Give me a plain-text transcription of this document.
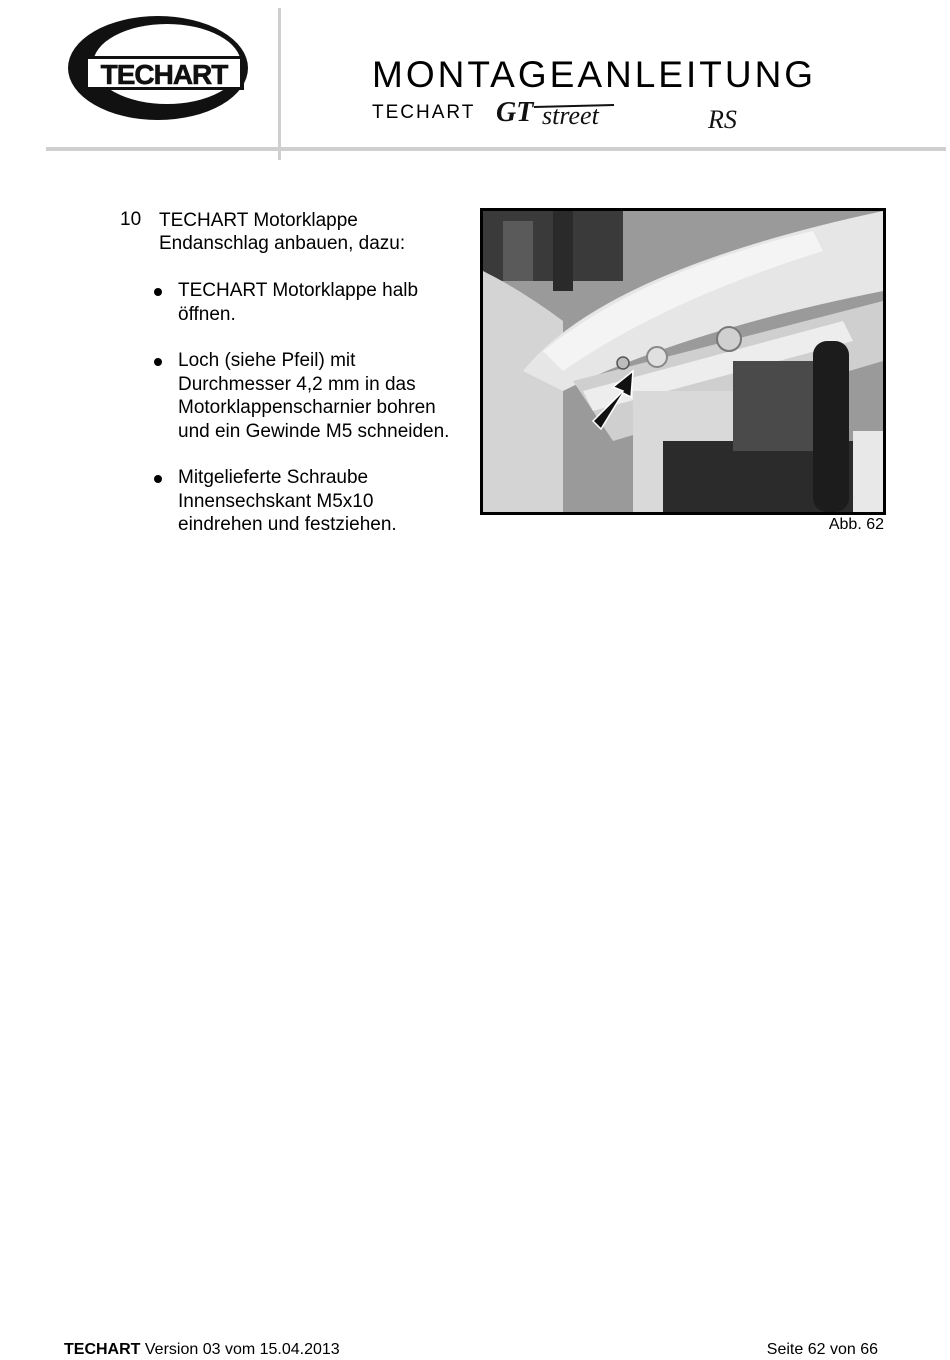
TECHART	MONTAGEANLEITUNG
TECHART GT street	RS
10 TECHART Motorklappe
Endanschlag anbauen, dazu:
TECHART Motorklappe halb
öffnen.
Loch (siehe Pfeil) mit
Durchmesser 4,2 mm in das
Motorklappenscharnier bohren
und ein Gewinde M5 schneiden.
Mitgelieferte Schraube
Innensechskant M5x10
eindrehen und festziehen.	Abb. 62
TECHART Version 03 vom 15.04.2013	Seite 62 von 66
